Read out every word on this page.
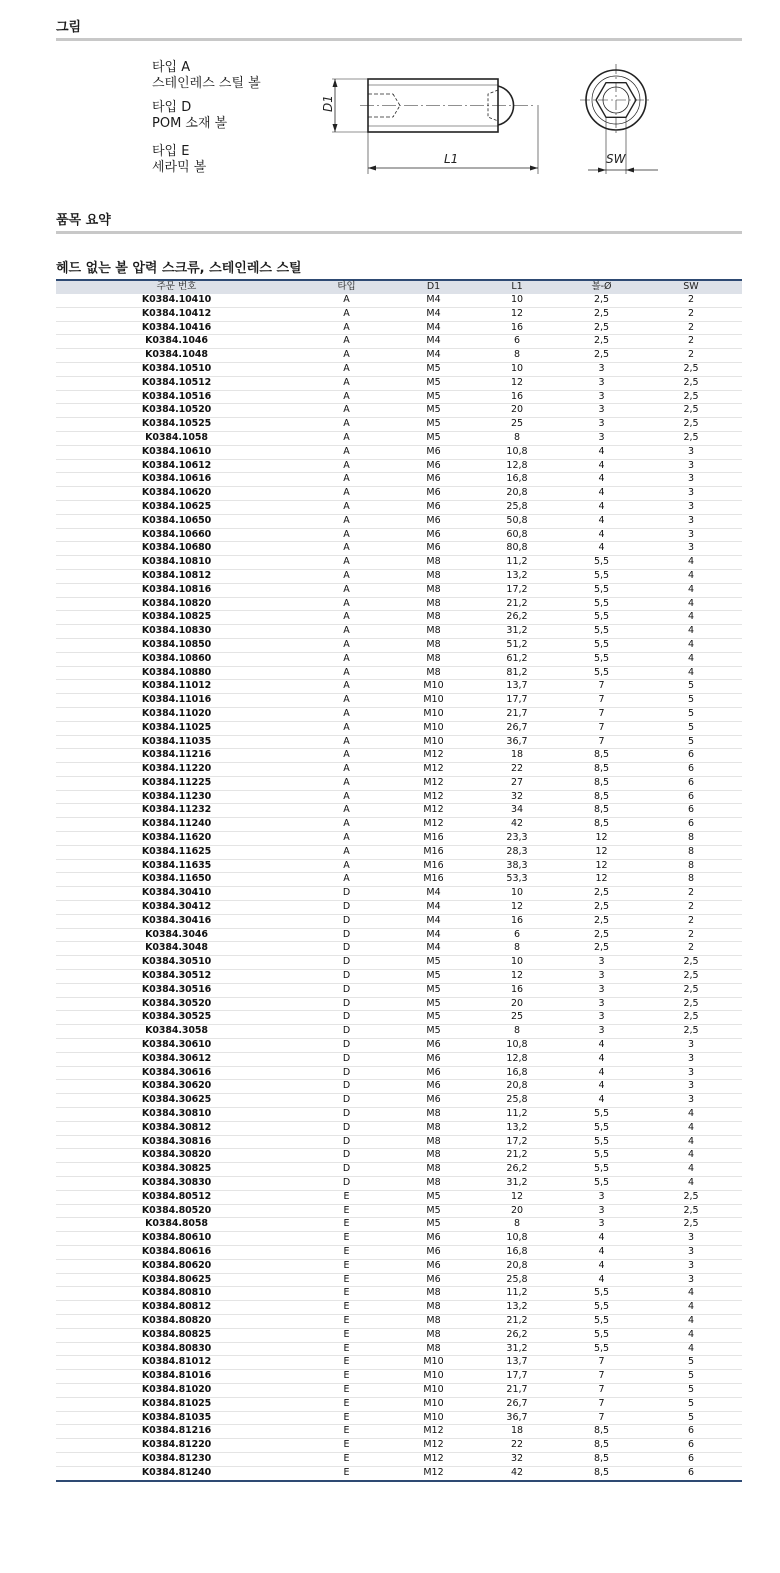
그림
타입 A
스테인레스 스틸 볼
타입 D
POM 소재 볼
타입 E
세라믹 볼
D1
L1	SW
품목 요약
헤드 없는 볼 압력 스크류, 스테인레스 스틸
주문 번호	타입	D1	L1	볼-Ø	SW
K0384.10410	A	M4	10	2,5	2
K0384.10412	A	M4	12	2,5	2
K0384.10416	A	M4	16	2,5	2
K0384.1046	A	M4	6	2,5	2
K0384.1048	A	M4	8	2,5	2
K0384.10510	A	M5	10	3	2,5
K0384.10512	A	M5	12	3	2,5
K0384.10516	A	M5	16	3	2,5
K0384.10520	A	M5	20	3	2,5
K0384.10525	A	M5	25	3	2,5
K0384.1058	A	M5	8	3	2,5
K0384.10610	A	M6	10,8	4	3
K0384.10612	A	M6	12,8	4	3
K0384.10616	A	M6	16,8	4	3
K0384.10620	A	M6	20,8	4	3
K0384.10625	A	M6	25,8	4	3
K0384.10650	A	M6	50,8	4	3
K0384.10660	A	M6	60,8	4	3
K0384.10680	A	M6	80,8	4	3
K0384.10810	A	M8	11,2	5,5	4
K0384.10812	A	M8	13,2	5,5	4
K0384.10816	A	M8	17,2	5,5	4
K0384.10820	A	M8	21,2	5,5	4
K0384.10825	A	M8	26,2	5,5	4
K0384.10830	A	M8	31,2	5,5	4
K0384.10850	A	M8	51,2	5,5	4
K0384.10860	A	M8	61,2	5,5	4
K0384.10880	A	M8	81,2	5,5	4
K0384.11012	A	M10	13,7	7	5
K0384.11016	A	M10	17,7	7	5
K0384.11020	A	M10	21,7	7	5
K0384.11025	A	M10	26,7	7	5
K0384.11035	A	M10	36,7	7	5
K0384.11216	A	M12	18	8,5	6
K0384.11220	A	M12	22	8,5	6
K0384.11225	A	M12	27	8,5	6
K0384.11230	A	M12	32	8,5	6
K0384.11232	A	M12	34	8,5	6
K0384.11240	A	M12	42	8,5	6
K0384.11620	A	M16	23,3	12	8
K0384.11625	A	M16	28,3	12	8
K0384.11635	A	M16	38,3	12	8
K0384.11650	A	M16	53,3	12	8
K0384.30410	D	M4	10	2,5	2
K0384.30412	D	M4	12	2,5	2
K0384.30416	D	M4	16	2,5	2
K0384.3046	D	M4	6	2,5	2
K0384.3048	D	M4	8	2,5	2
K0384.30510	D	M5	10	3	2,5
K0384.30512	D	M5	12	3	2,5
K0384.30516	D	M5	16	3	2,5
K0384.30520	D	M5	20	3	2,5
K0384.30525	D	M5	25	3	2,5
K0384.3058	D	M5	8	3	2,5
K0384.30610	D	M6	10,8	4	3
K0384.30612	D	M6	12,8	4	3
K0384.30616	D	M6	16,8	4	3
K0384.30620	D	M6	20,8	4	3
K0384.30625	D	M6	25,8	4	3
K0384.30810	D	M8	11,2	5,5	4
K0384.30812	D	M8	13,2	5,5	4
K0384.30816	D	M8	17,2	5,5	4
K0384.30820	D	M8	21,2	5,5	4
K0384.30825	D	M8	26,2	5,5	4
K0384.30830	D	M8	31,2	5,5	4
K0384.80512	E	M5	12	3	2,5
K0384.80520	E	M5	20	3	2,5
K0384.8058	E	M5	8	3	2,5
K0384.80610	E	M6	10,8	4	3
K0384.80616	E	M6	16,8	4	3
K0384.80620	E	M6	20,8	4	3
K0384.80625	E	M6	25,8	4	3
K0384.80810	E	M8	11,2	5,5	4
K0384.80812	E	M8	13,2	5,5	4
K0384.80820	E	M8	21,2	5,5	4
K0384.80825	E	M8	26,2	5,5	4
K0384.80830	E	M8	31,2	5,5	4
K0384.81012	E	M10	13,7	7	5
K0384.81016	E	M10	17,7	7	5
K0384.81020	E	M10	21,7	7	5
K0384.81025	E	M10	26,7	7	5
K0384.81035	E	M10	36,7	7	5
K0384.81216	E	M12	18	8,5	6
K0384.81220	E	M12	22	8,5	6
K0384.81230	E	M12	32	8,5	6
K0384.81240	E	M12	42	8,5	6
